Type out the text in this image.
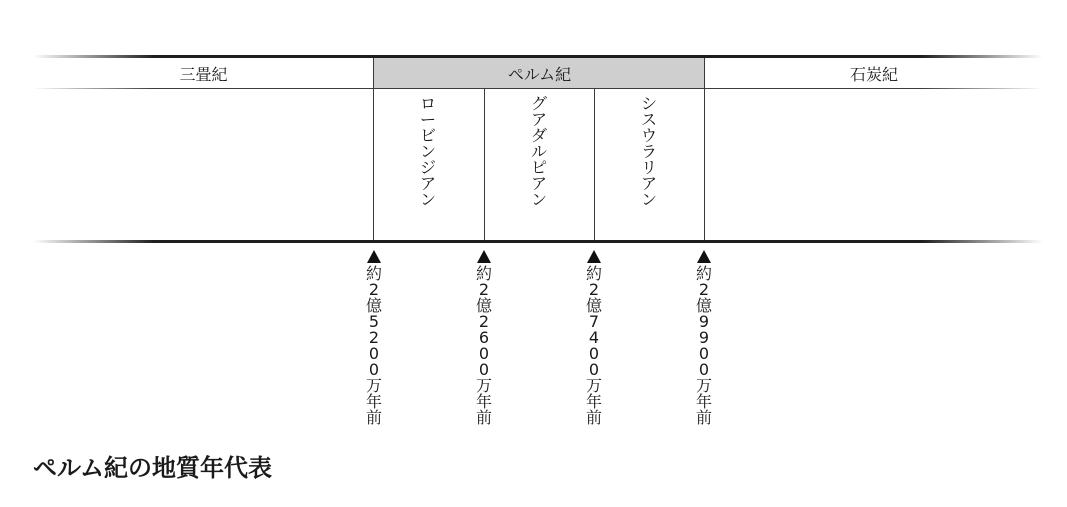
三畳紀	ペルム紀	石炭紀
ロ
ー
ビ
ン
ジ
ア
ン
グ
ア
ダ
ル
ピ
ア
ン
シ
ス
ウ
ラ
リ
ア
ン
約
2
億
5
2
0
0
万
年
前
約
2
億
2
6
0
0
万
年
前
約
2
億
7
4
0
0
万
年
前
約
2
億
9
9
0
0
万
年
前
ペルム紀の地質年代表
